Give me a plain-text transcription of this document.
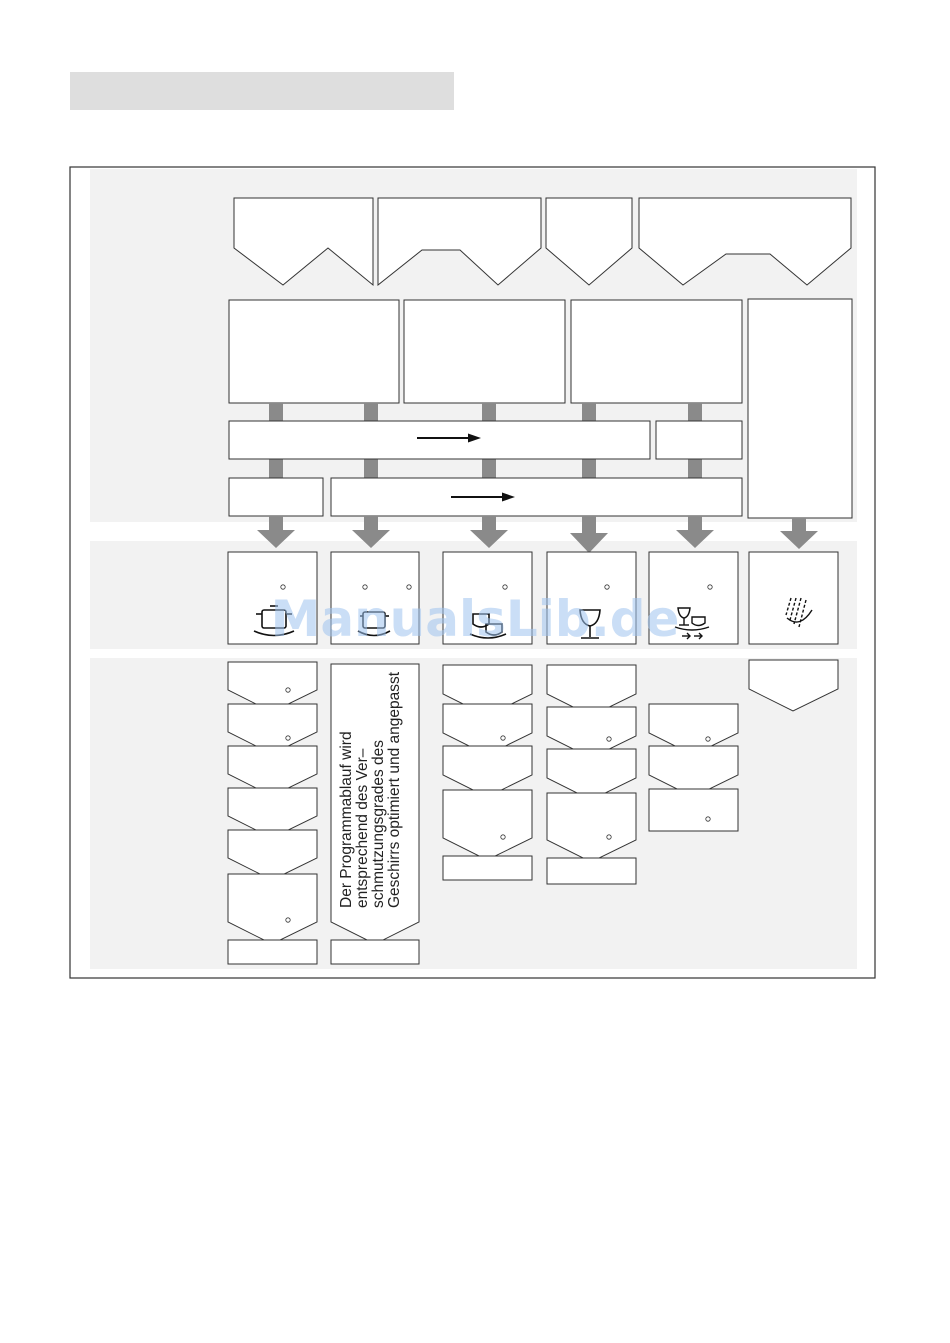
Der Programmablauf wird entsprechend des Ver– schmutzungsgrades des Geschirrs optimiert und angepasst
ManualsLib.de
